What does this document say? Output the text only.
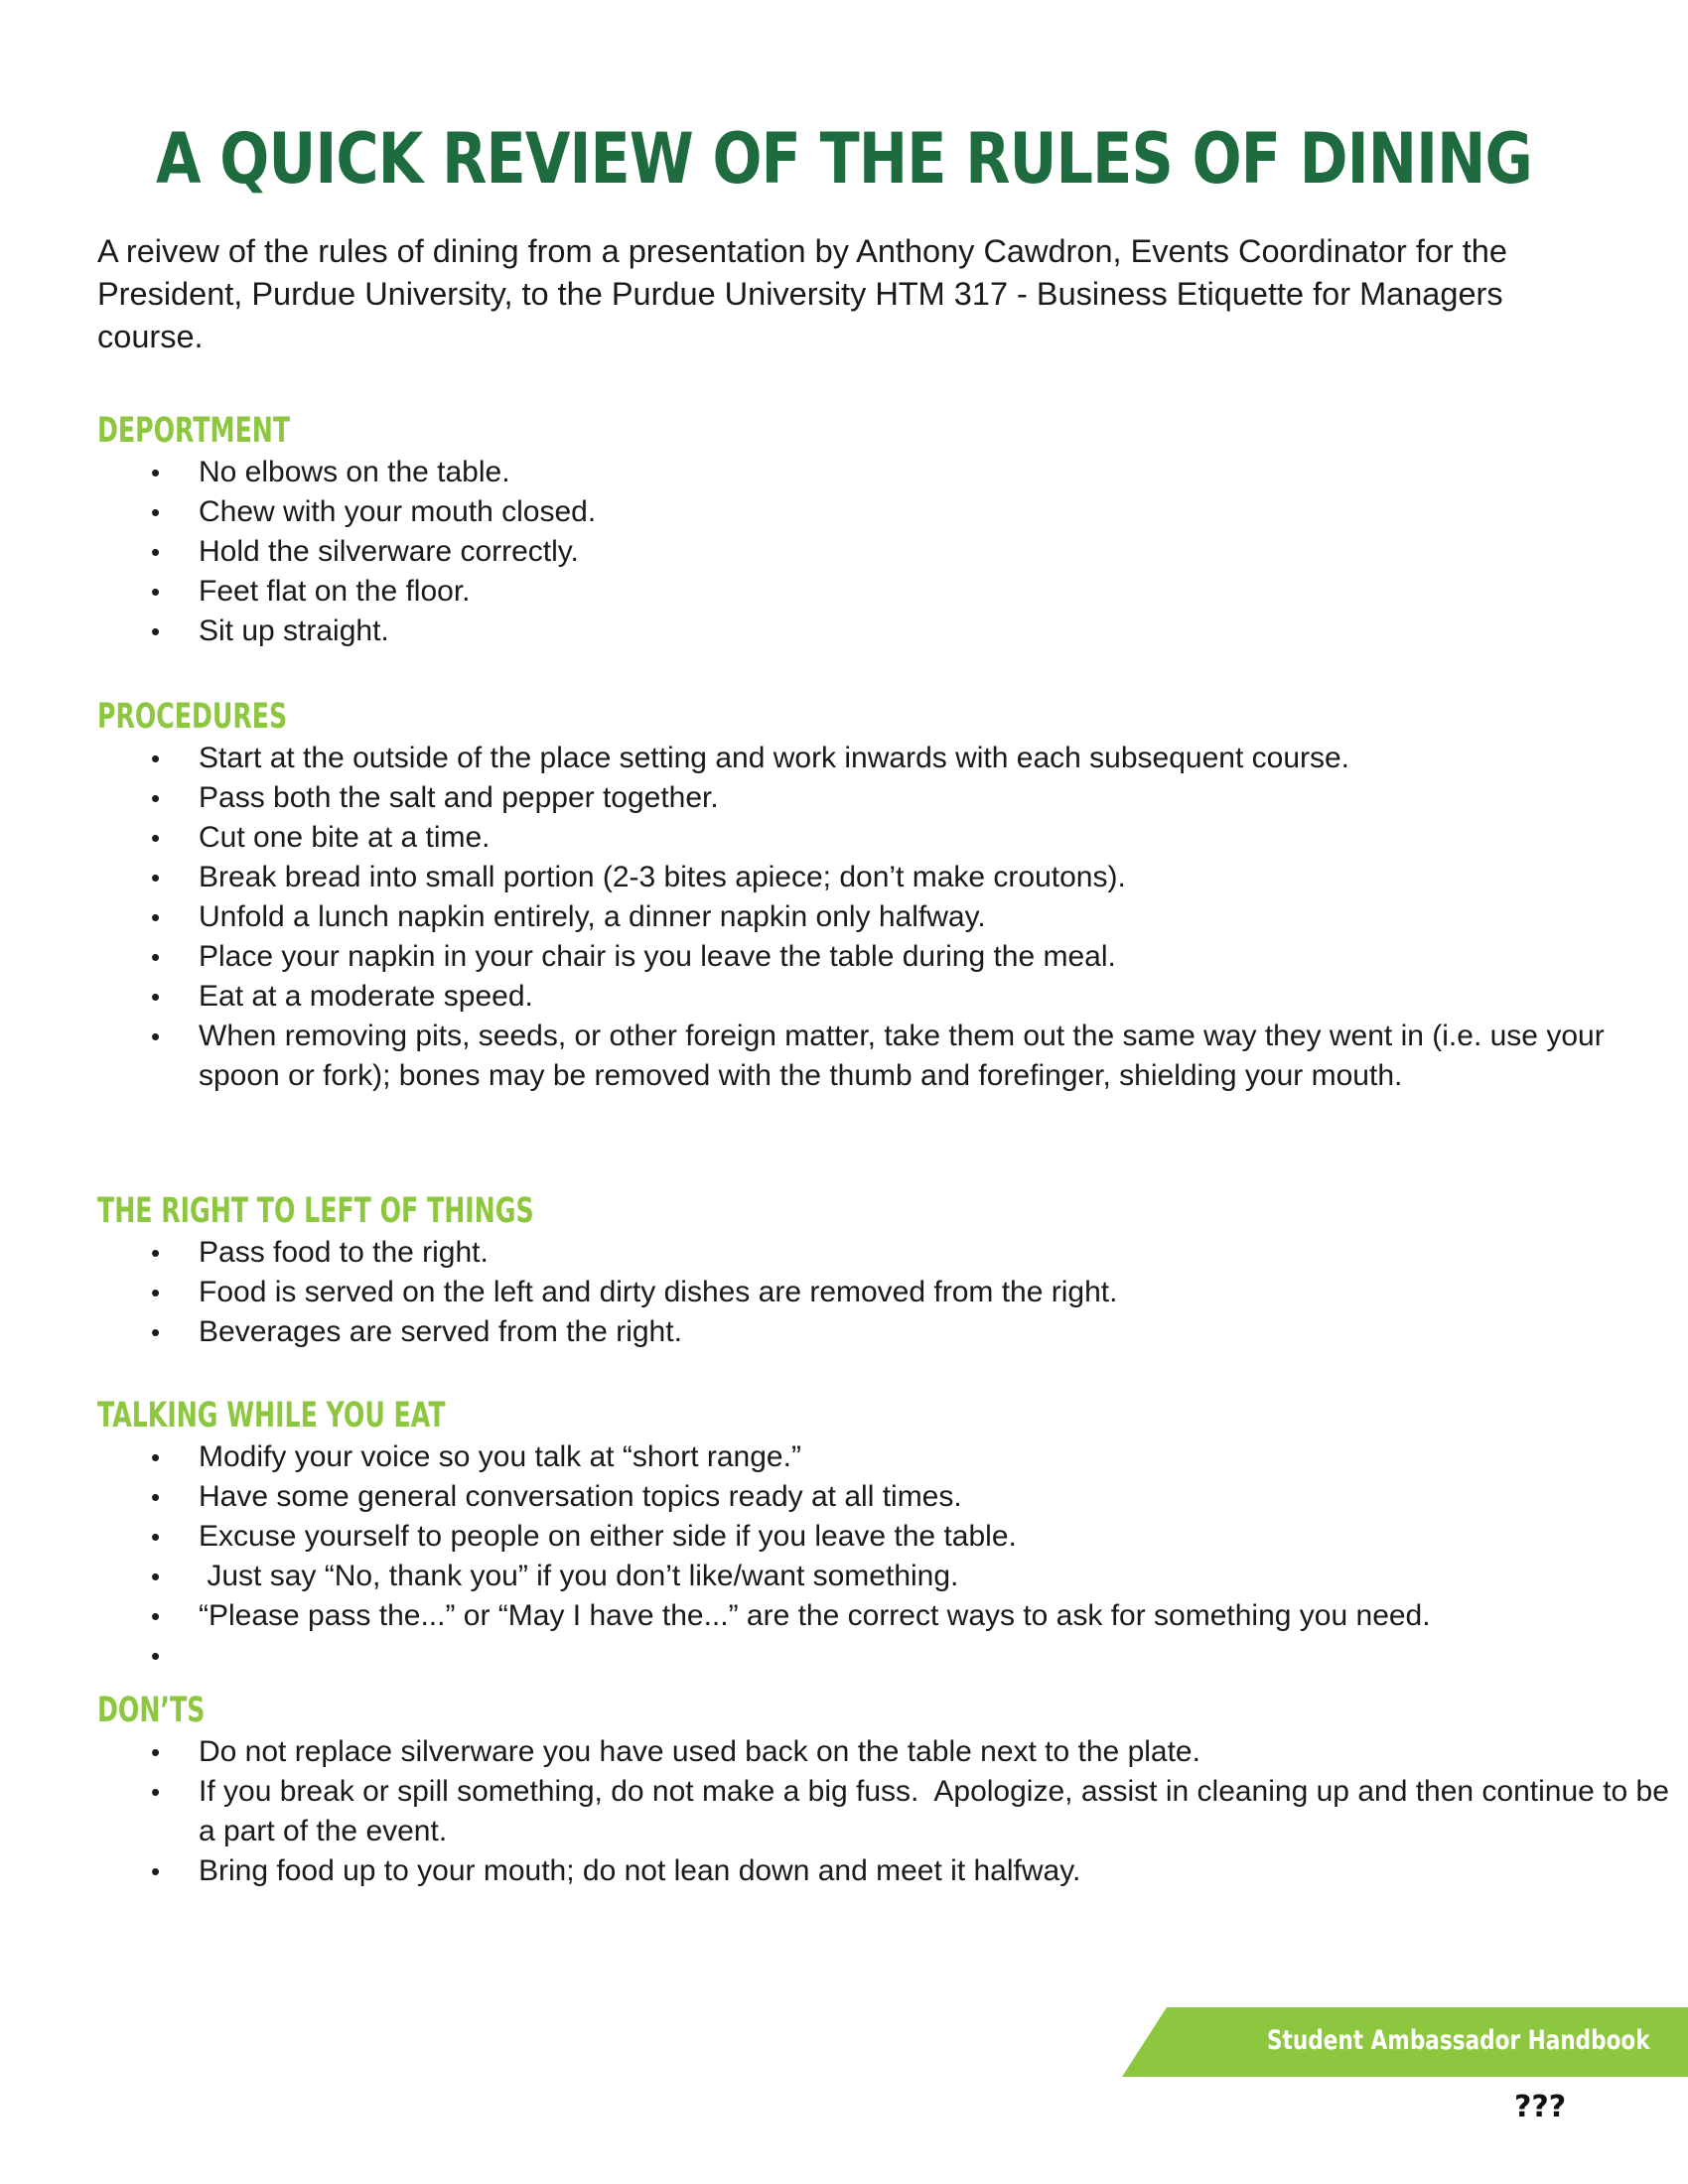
A QUICK REVIEW OF THE RULES OF DINING

A reivew of the rules of dining from a presentation by Anthony Cawdron, Events Coordinator for the President, Purdue University, to the Purdue University HTM 317 - Business Etiquette for Managers course.

DEPORTMENT
• No elbows on the table.
• Chew with your mouth closed.
• Hold the silverware correctly.
• Feet flat on the floor.
• Sit up straight.
PROCEDURES
• Start at the outside of the place setting and work inwards with each subsequent course.
• Pass both the salt and pepper together.
• Cut one bite at a time.
• Break bread into small portion (2-3 bites apiece; don’t make croutons).
• Unfold a lunch napkin entirely, a dinner napkin only halfway.
• Place your napkin in your chair is you leave the table during the meal.
• Eat at a moderate speed.
• When removing pits, seeds, or other foreign matter, take them out the same way they went in (i.e. use your spoon or fork); bones may be removed with the thumb and forefinger, shielding your mouth.
THE RIGHT TO LEFT OF THINGS
• Pass food to the right.
• Food is served on the left and dirty dishes are removed from the right.
• Beverages are served from the right.
TALKING WHILE YOU EAT
• Modify your voice so you talk at “short range.”
• Have some general conversation topics ready at all times.
• Excuse yourself to people on either side if you leave the table.
•  Just say “No, thank you” if you don’t like/want something.
• “Please pass the...” or “May I have the...” are the correct ways to ask for something you need.
DON’TS
• Do not replace silverware you have used back on the table next to the plate.
• If you break or spill something, do not make a big fuss.  Apologize, assist in cleaning up and then continue to be a part of the event.
• Bring food up to your mouth; do not lean down and meet it halfway.
Student Ambassador Handbook
???
